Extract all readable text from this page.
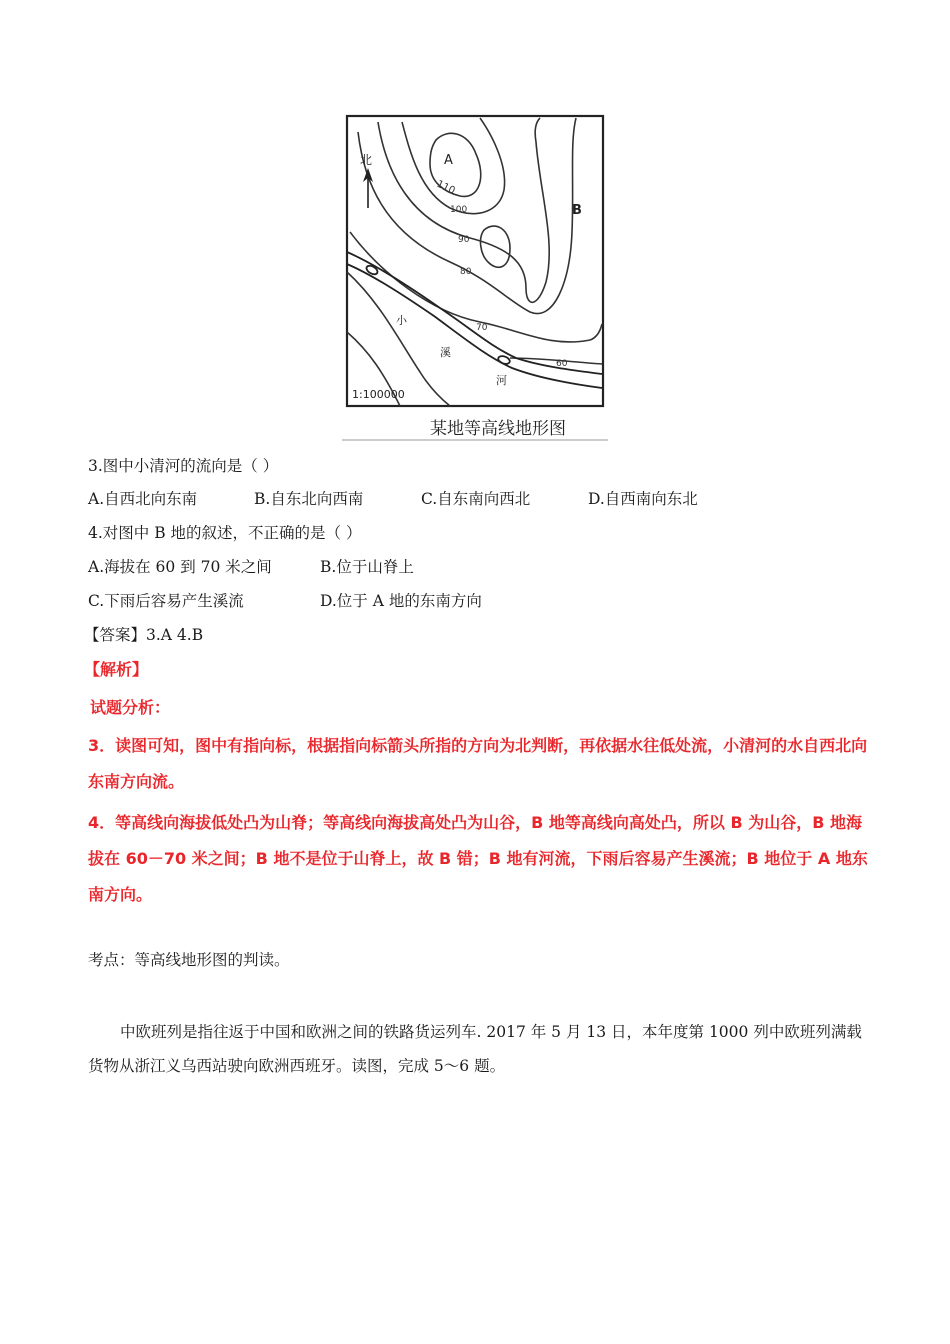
北	A
B
110
100
90
80
70
60
小
溪
河
1:100000
某地等高线地形图
3.图中小清河的流向是（ ）
A.自西北向东南	B.自东北向西南	C.自东南向西北	D.自西南向东北
4.对图中 B 地的叙述，不正确的是（ ）
A.海拔在 60 到 70 米之间	B.位于山脊上
C.下雨后容易产生溪流	D.位于 A 地的东南方向
【答案】3.A 4.B
【解析】
试题分析：
3．读图可知，图中有指向标，根据指向标箭头所指的方向为北判断，再依据水往低处流，小清河的水自西北向东南方向流。
4．等高线向海拔低处凸为山脊；等高线向海拔高处凸为山谷，B 地等高线向高处凸，所以 B 为山谷，B 地海拔在 60－70 米之间；B 地不是位于山脊上，故 B 错；B 地有河流，下雨后容易产生溪流；B 地位于 A 地东南方向。
考点：等高线地形图的判读。
中欧班列是指往返于中国和欧洲之间的铁路货运列车. 2017 年 5 月 13 日，本年度第 1000 列中欧班列满载货物从浙江义乌西站驶向欧洲西班牙。读图，完成 5～6 题。
